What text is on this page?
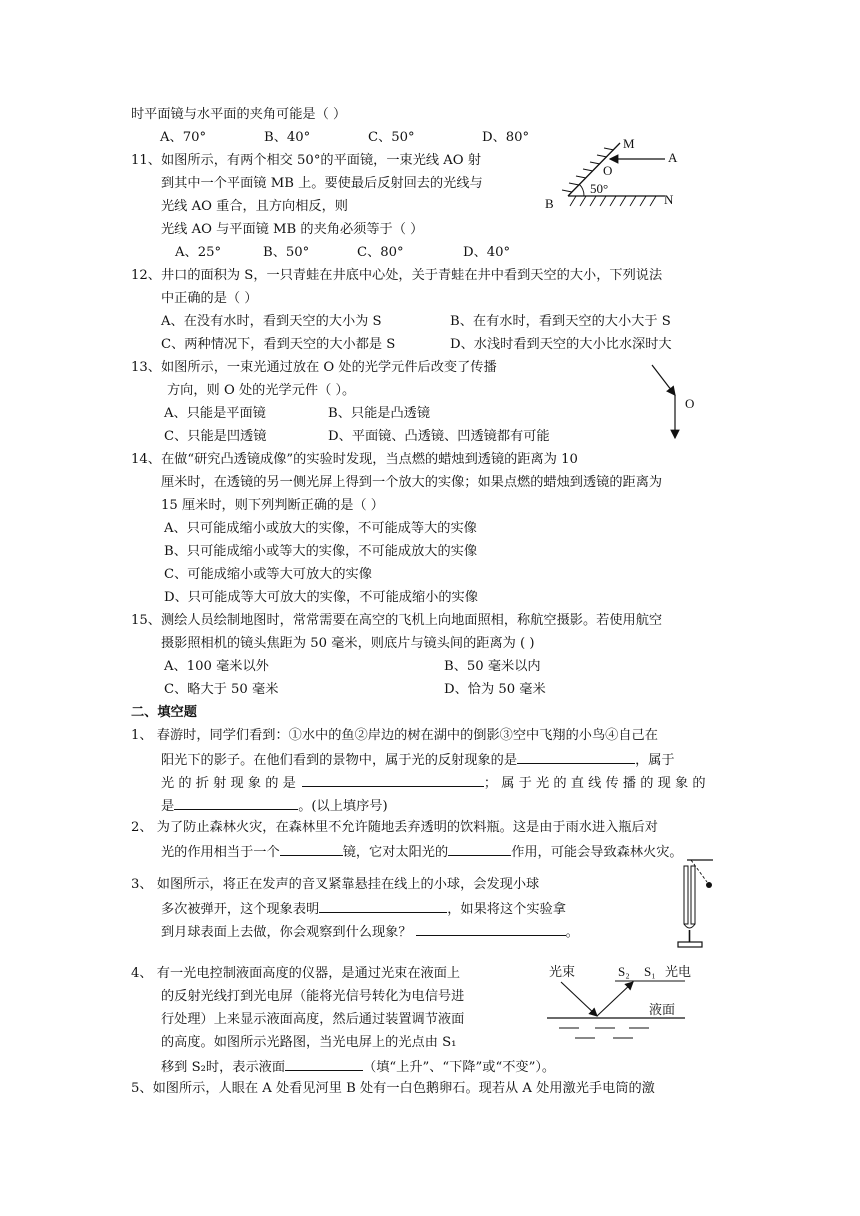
时平面镜与水平面的夹角可能是（ ）
A、70°	B、40°	C、50°	D、80°
11、如图所示，有两个相交 50°的平面镜，一束光线 AO 射
到其中一个平面镜 MB 上。要使最后反射回去的光线与
光线 AO 重合，且方向相反，则
光线 AO 与平面镜 MB 的夹角必须等于（ ）
A、25°	B、50°	C、80°	D、40°
M
A
O
50°
B	N
12、井口的面积为 S，一只青蛙在井底中心处，关于青蛙在井中看到天空的大小，下列说法
中正确的是（ ）
A、在没有水时，看到天空的大小为 S	B、在有水时，看到天空的大小大于 S
C、两种情况下，看到天空的大小都是 S	D、水浅时看到天空的大小比水深时大
13、如图所示，一束光通过放在 O 处的光学元件后改变了传播
方向，则 O 处的光学元件（ ）。
A、只能是平面镜	B、只能是凸透镜
C、只能是凹透镜	D、平面镜、凸透镜、凹透镜都有可能
O
14、在做“研究凸透镜成像”的实验时发现，当点燃的蜡烛到透镜的距离为 10
厘米时，在透镜的另一侧光屏上得到一个放大的实像；如果点燃的蜡烛到透镜的距离为
15 厘米时，则下列判断正确的是（ ）
A、只可能成缩小或放大的实像，不可能成等大的实像
B、只可能成缩小或等大的实像，不可能成放大的实像
C、可能成缩小或等大可放大的实像
D、只可能成等大可放大的实像，不可能成缩小的实像
15、测绘人员绘制地图时，常常需要在高空的飞机上向地面照相，称航空摄影。若使用航空
摄影照相机的镜头焦距为 50 毫米，则底片与镜头间的距离为 ( )
A、100 毫米以外	B、50 毫米以内
C、略大于 50 毫米	D、恰为 50 毫米
二、填空题
1、 春游时，同学们看到：①水中的鱼②岸边的树在湖中的倒影③空中飞翔的小鸟④自己在
阳光下的影子。在他们看到的景物中，属于光的反射现象的是	，属于
光 的 折 射 现 象 的 是	； 属 于 光 的 直 线 传 播 的 现 象 的
是	。(以上填序号)
2、 为了防止森林火灾，在森林里不允许随地丢弃透明的饮料瓶。这是由于雨水进入瓶后对
光的作用相当于一个	镜，它对太阳光的	作用，可能会导致森林火灾。
3、 如图所示，将正在发声的音叉紧靠悬挂在线上的小球，会发现小球
多次被弹开，这个现象表明	，如果将这个实验拿
到月球表面上去做，你会观察到什么现象？	。
4、 有一光电控制液面高度的仪器，是通过光束在液面上
的反射光线打到光电屏（能将光信号转化为电信号进
行处理）上来显示液面高度，然后通过装置调节液面
的高度。如图所示光路图，当光电屏上的光点由 S₁
移到 S₂时，表示液面	（填“上升”、“下降”或“不变”）。
光束	S₂ S₁ 光电
液面
5、如图所示，人眼在 A 处看见河里 B 处有一白色鹅卵石。现若从 A 处用激光手电筒的激
